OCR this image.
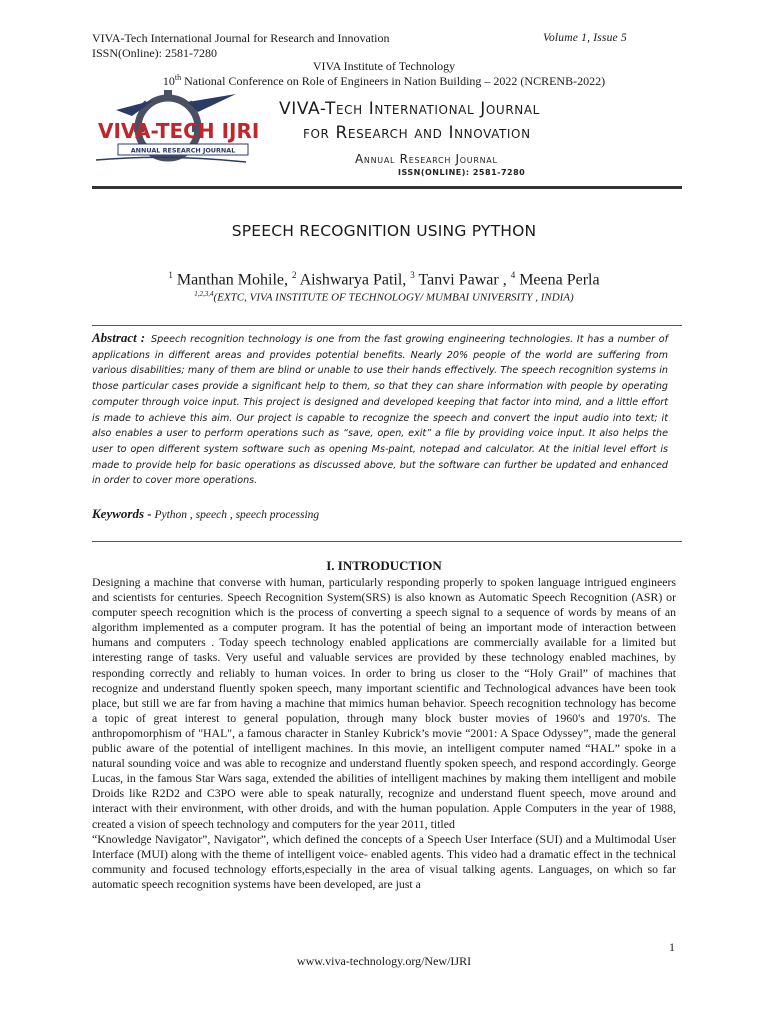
VIVA-Tech International Journal for Research and Innovation
ISSN(Online): 2581-7280
Volume 1, Issue 5
VIVA Institute of Technology
10th National Conference on Role of Engineers in Nation Building – 2022 (NCRENB-2022)
VIVA-TECH IJRI
ANNUAL RESEARCH JOURNAL
VIVA-Tech International Journal
for Research and Innovation
Annual Research Journal
ISSN(ONLINE): 2581-7280
SPEECH RECOGNITION USING PYTHON
$^1$ Manthan Mohile, $^2$ Aishwarya Patil, $^3$ Tanvi Pawar , $^4$ Meena Perla
$^{1,2,3,4}$(EXTC, VIVA INSTITUTE OF TECHNOLOGY/ MUMBAI UNIVERSITY , INDIA)
Abstract : Speech recognition technology is one from the fast growing engineering technologies. It has a number of applications in different areas and provides potential benefits. Nearly 20% people of the world are suffering from various disabilities; many of them are blind or unable to use their hands effectively. The speech recognition systems in those particular cases provide a significant help to them, so that they can share information with people by operating computer through voice input. This project is designed and developed keeping that factor into mind, and a little effort is made to achieve this aim. Our project is capable to recognize the speech and convert the input audio into text; it also enables a user to perform operations such as “save, open, exit” a file by providing voice input. It also helps the user to open different system software such as opening Ms-paint, notepad and calculator. At the initial level effort is made to provide help for basic operations as discussed above, but the software can further be updated and enhanced in order to cover more operations.
Keywords - Python , speech , speech processing
I. INTRODUCTION

Designing a machine that converse with human, particularly responding properly to spoken language intrigued engineers and scientists for centuries. Speech Recognition System(SRS) is also known as Automatic Speech Recognition (ASR) or computer speech recognition which is the process of converting a speech signal to a sequence of words by means of an algorithm implemented as a computer program. It has the potential of being an important mode of interaction between humans and computers . Today speech technology enabled applications are commercially available for a limited but interesting range of tasks. Very useful and valuable services are provided by these technology enabled machines, by responding correctly and reliably to human voices. In order to bring us closer to the “Holy Grail” of machines that recognize and understand fluently spoken speech, many important scientific and Technological advances have been took place, but still we are far from having a machine that mimics human behavior. Speech recognition technology has become a topic of great interest to general population, through many block buster movies of 1960's and 1970's. The anthropomorphism of "HAL", a famous character in Stanley Kubrick’s movie “2001: A Space Odyssey”, made the general public aware of the potential of intelligent machines. In this movie, an intelligent computer named “HAL” spoke in a natural sounding voice and was able to recognize and understand fluently spoken speech, and respond accordingly. George Lucas, in the famous Star Wars saga, extended the abilities of intelligent machines by making them intelligent and mobile Droids like R2D2 and C3PO were able to speak naturally, recognize and understand fluent speech, move around and interact with their environment, with other droids, and with the human population. Apple Computers in the year of 1988, created a vision of speech technology and computers for the year 2011, titled

“Knowledge Navigator”, Navigator”, which defined the concepts of a Speech User Interface (SUI) and a Multimodal User Interface (MUI) along with the theme of intelligent voice- enabled agents. This video had a dramatic effect in the technical community and focused technology efforts,especially in the area of visual talking agents. Languages, on which so far automatic speech recognition systems have been developed, are just a

1
www.viva-technology.org/New/IJRI
